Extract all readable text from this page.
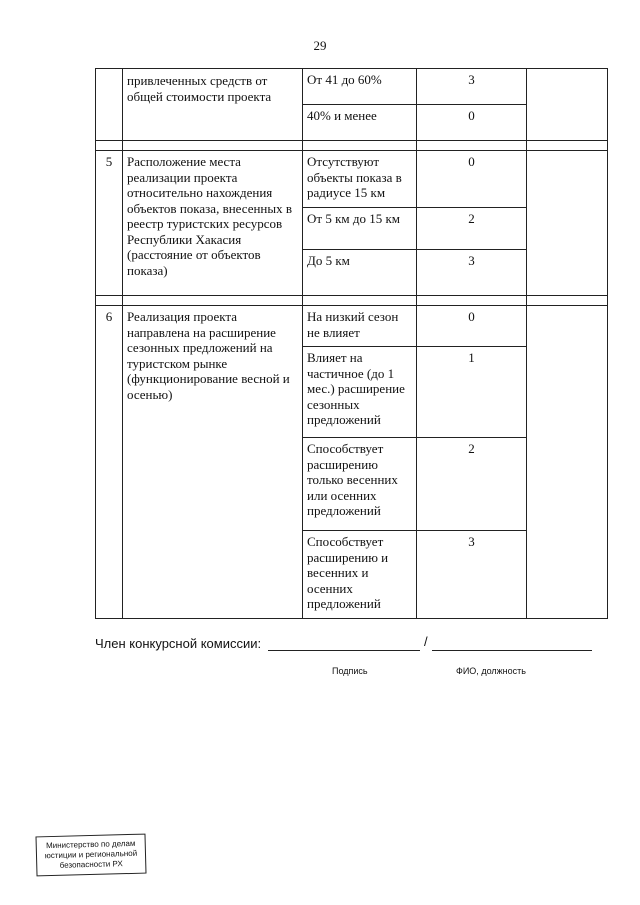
29
	привлеченных средств от общей стоимости проекта	От 41 до 60%	3	
		40% и менее	0	

5	Расположение места реализации проекта относительно нахождения объектов показа, внесенных в реестр туристских ресурсов Республики Хакасия (расстояние от объектов показа)	Отсутствуют объекты показа в радиусе 15 км	0	
		От 5 км до 15 км	2	
		До 5 км	3	

6	Реализация проекта направлена на расширение сезонных предложений на туристском рынке (функционирование весной и осенью)	На низкий сезон не влияет	0	
		Влияет на частичное (до 1 мес.) расширение сезонных предложений	1	
		Способствует расширению только весенних или осенних предложений	2	
		Способствует расширению и весенних и осенних предложений	3	
Член конкурсной комиссии:	/
Подпись	ФИО, должность
Министерство по делам
юстиции и региональной
безопасности РХ
